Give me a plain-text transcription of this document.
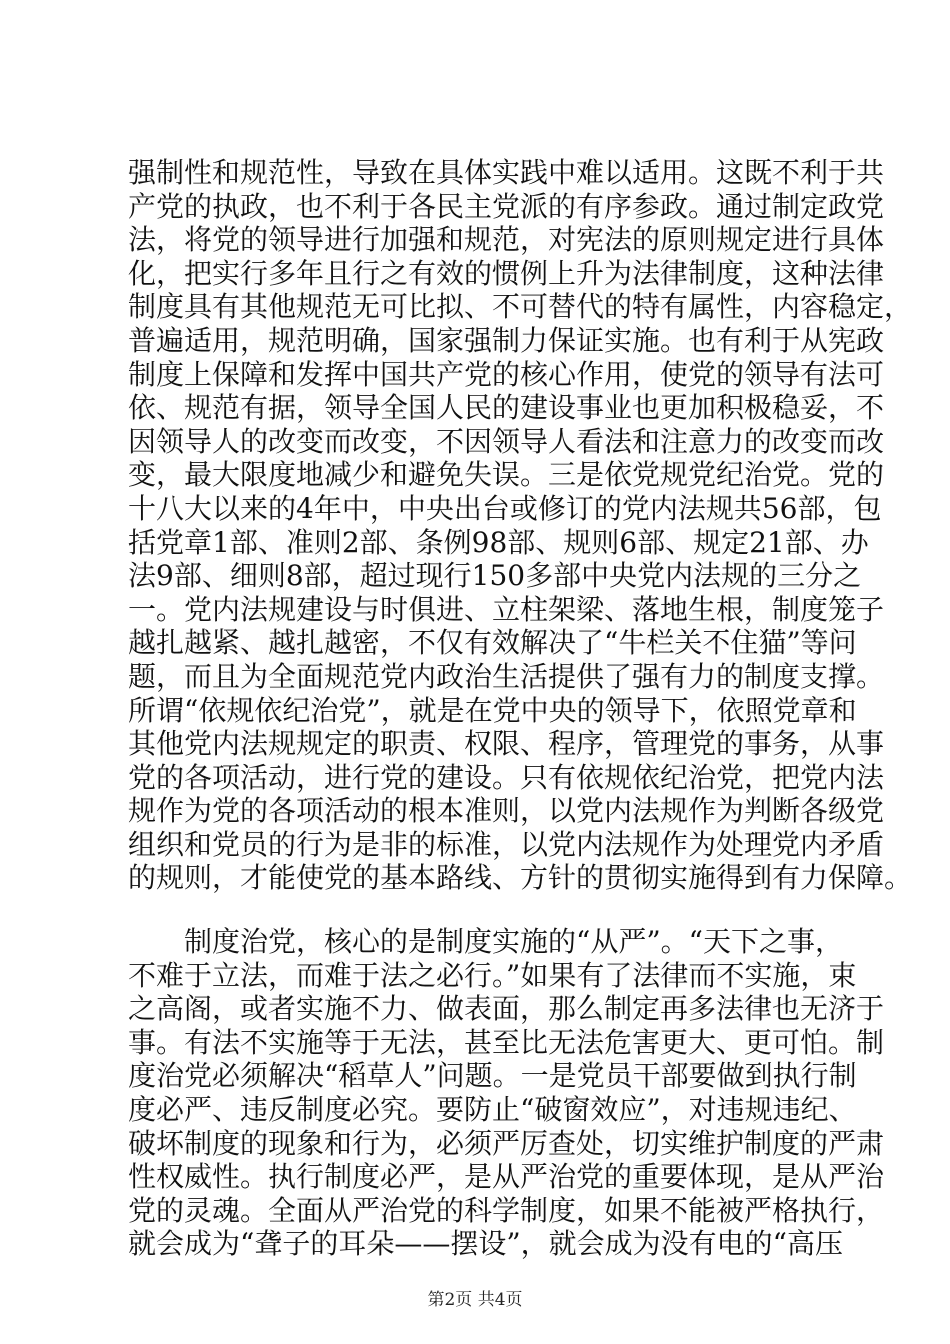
强制性和规范性，导致在具体实践中难以适用。这既不利于共
产党的执政，也不利于各民主党派的有序参政。通过制定政党
法，将党的领导进行加强和规范，对宪法的原则规定进行具体
化，把实行多年且行之有效的惯例上升为法律制度，这种法律
制度具有其他规范无可比拟、不可替代的特有属性，内容稳定，
普遍适用，规范明确，国家强制力保证实施。也有利于从宪政
制度上保障和发挥中国共产党的核心作用，使党的领导有法可
依、规范有据，领导全国人民的建设事业也更加积极稳妥，不
因领导人的改变而改变，不因领导人看法和注意力的改变而改
变，最大限度地减少和避免失误。三是依党规党纪治党。党的
十八大以来的4年中，中央出台或修订的党内法规共56部，包
括党章1部、准则2部、条例98部、规则6部、规定21部、办
法9部、细则8部，超过现行150多部中央党内法规的三分之
一。党内法规建设与时俱进、立柱架梁、落地生根，制度笼子
越扎越紧、越扎越密，不仅有效解决了“牛栏关不住猫”等问
题，而且为全面规范党内政治生活提供了强有力的制度支撑。
所谓“依规依纪治党”，就是在党中央的领导下，依照党章和
其他党内法规规定的职责、权限、程序，管理党的事务，从事
党的各项活动，进行党的建设。只有依规依纪治党，把党内法
规作为党的各项活动的根本准则，以党内法规作为判断各级党
组织和党员的行为是非的标准，以党内法规作为处理党内矛盾
的规则，才能使党的基本路线、方针的贯彻实施得到有力保障。
　　制度治党，核心的是制度实施的“从严”。“天下之事，
不难于立法，而难于法之必行。”如果有了法律而不实施，束
之高阁，或者实施不力、做表面，那么制定再多法律也无济于
事。有法不实施等于无法，甚至比无法危害更大、更可怕。制
度治党必须解决“稻草人”问题。一是党员干部要做到执行制
度必严、违反制度必究。要防止“破窗效应”，对违规违纪、
破坏制度的现象和行为，必须严厉查处，切实维护制度的严肃
性权威性。执行制度必严，是从严治党的重要体现，是从严治
党的灵魂。全面从严治党的科学制度，如果不能被严格执行，
就会成为“聋子的耳朵——摆设”，就会成为没有电的“高压
第2页 共4页
